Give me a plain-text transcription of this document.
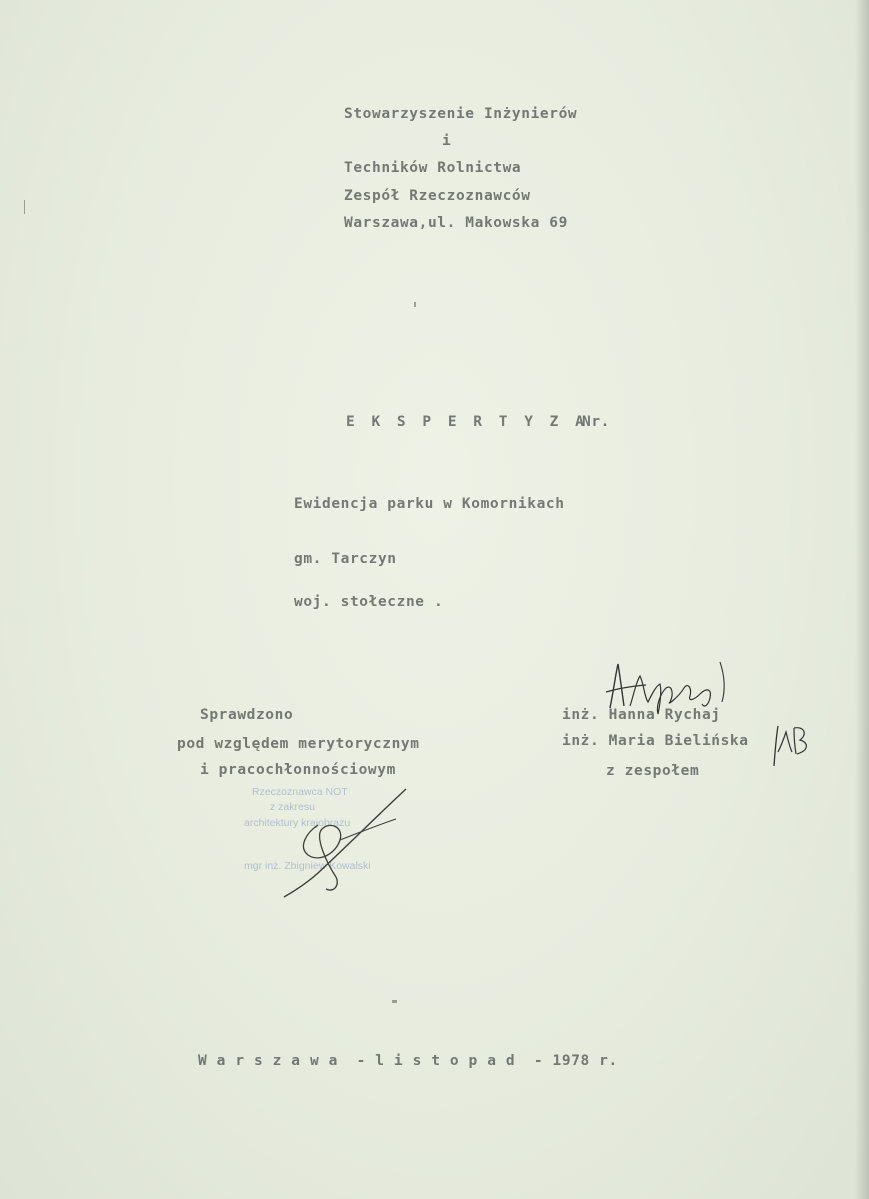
Stowarzyszenie Inżynierów
i
Techników Rolnictwa
Zespół Rzeczoznawców
Warszawa,ul. Makowska 69
E K S P E R T Y Z A
Nr.
Ewidencja parku w Komornikach
gm. Tarczyn
woj. stołeczne .
Sprawdzono
pod względem merytorycznym
i pracochłonnościowym
inż. Hanna Rychaj
inż. Maria Bielińska
z zespołem
Rzeczoznawca NOT
z zakresu
architektury krajobrazu
mgr inż. Zbigniew Kowalski
W a r s z a w a  - l i s t o p a d  - 1978 r.
